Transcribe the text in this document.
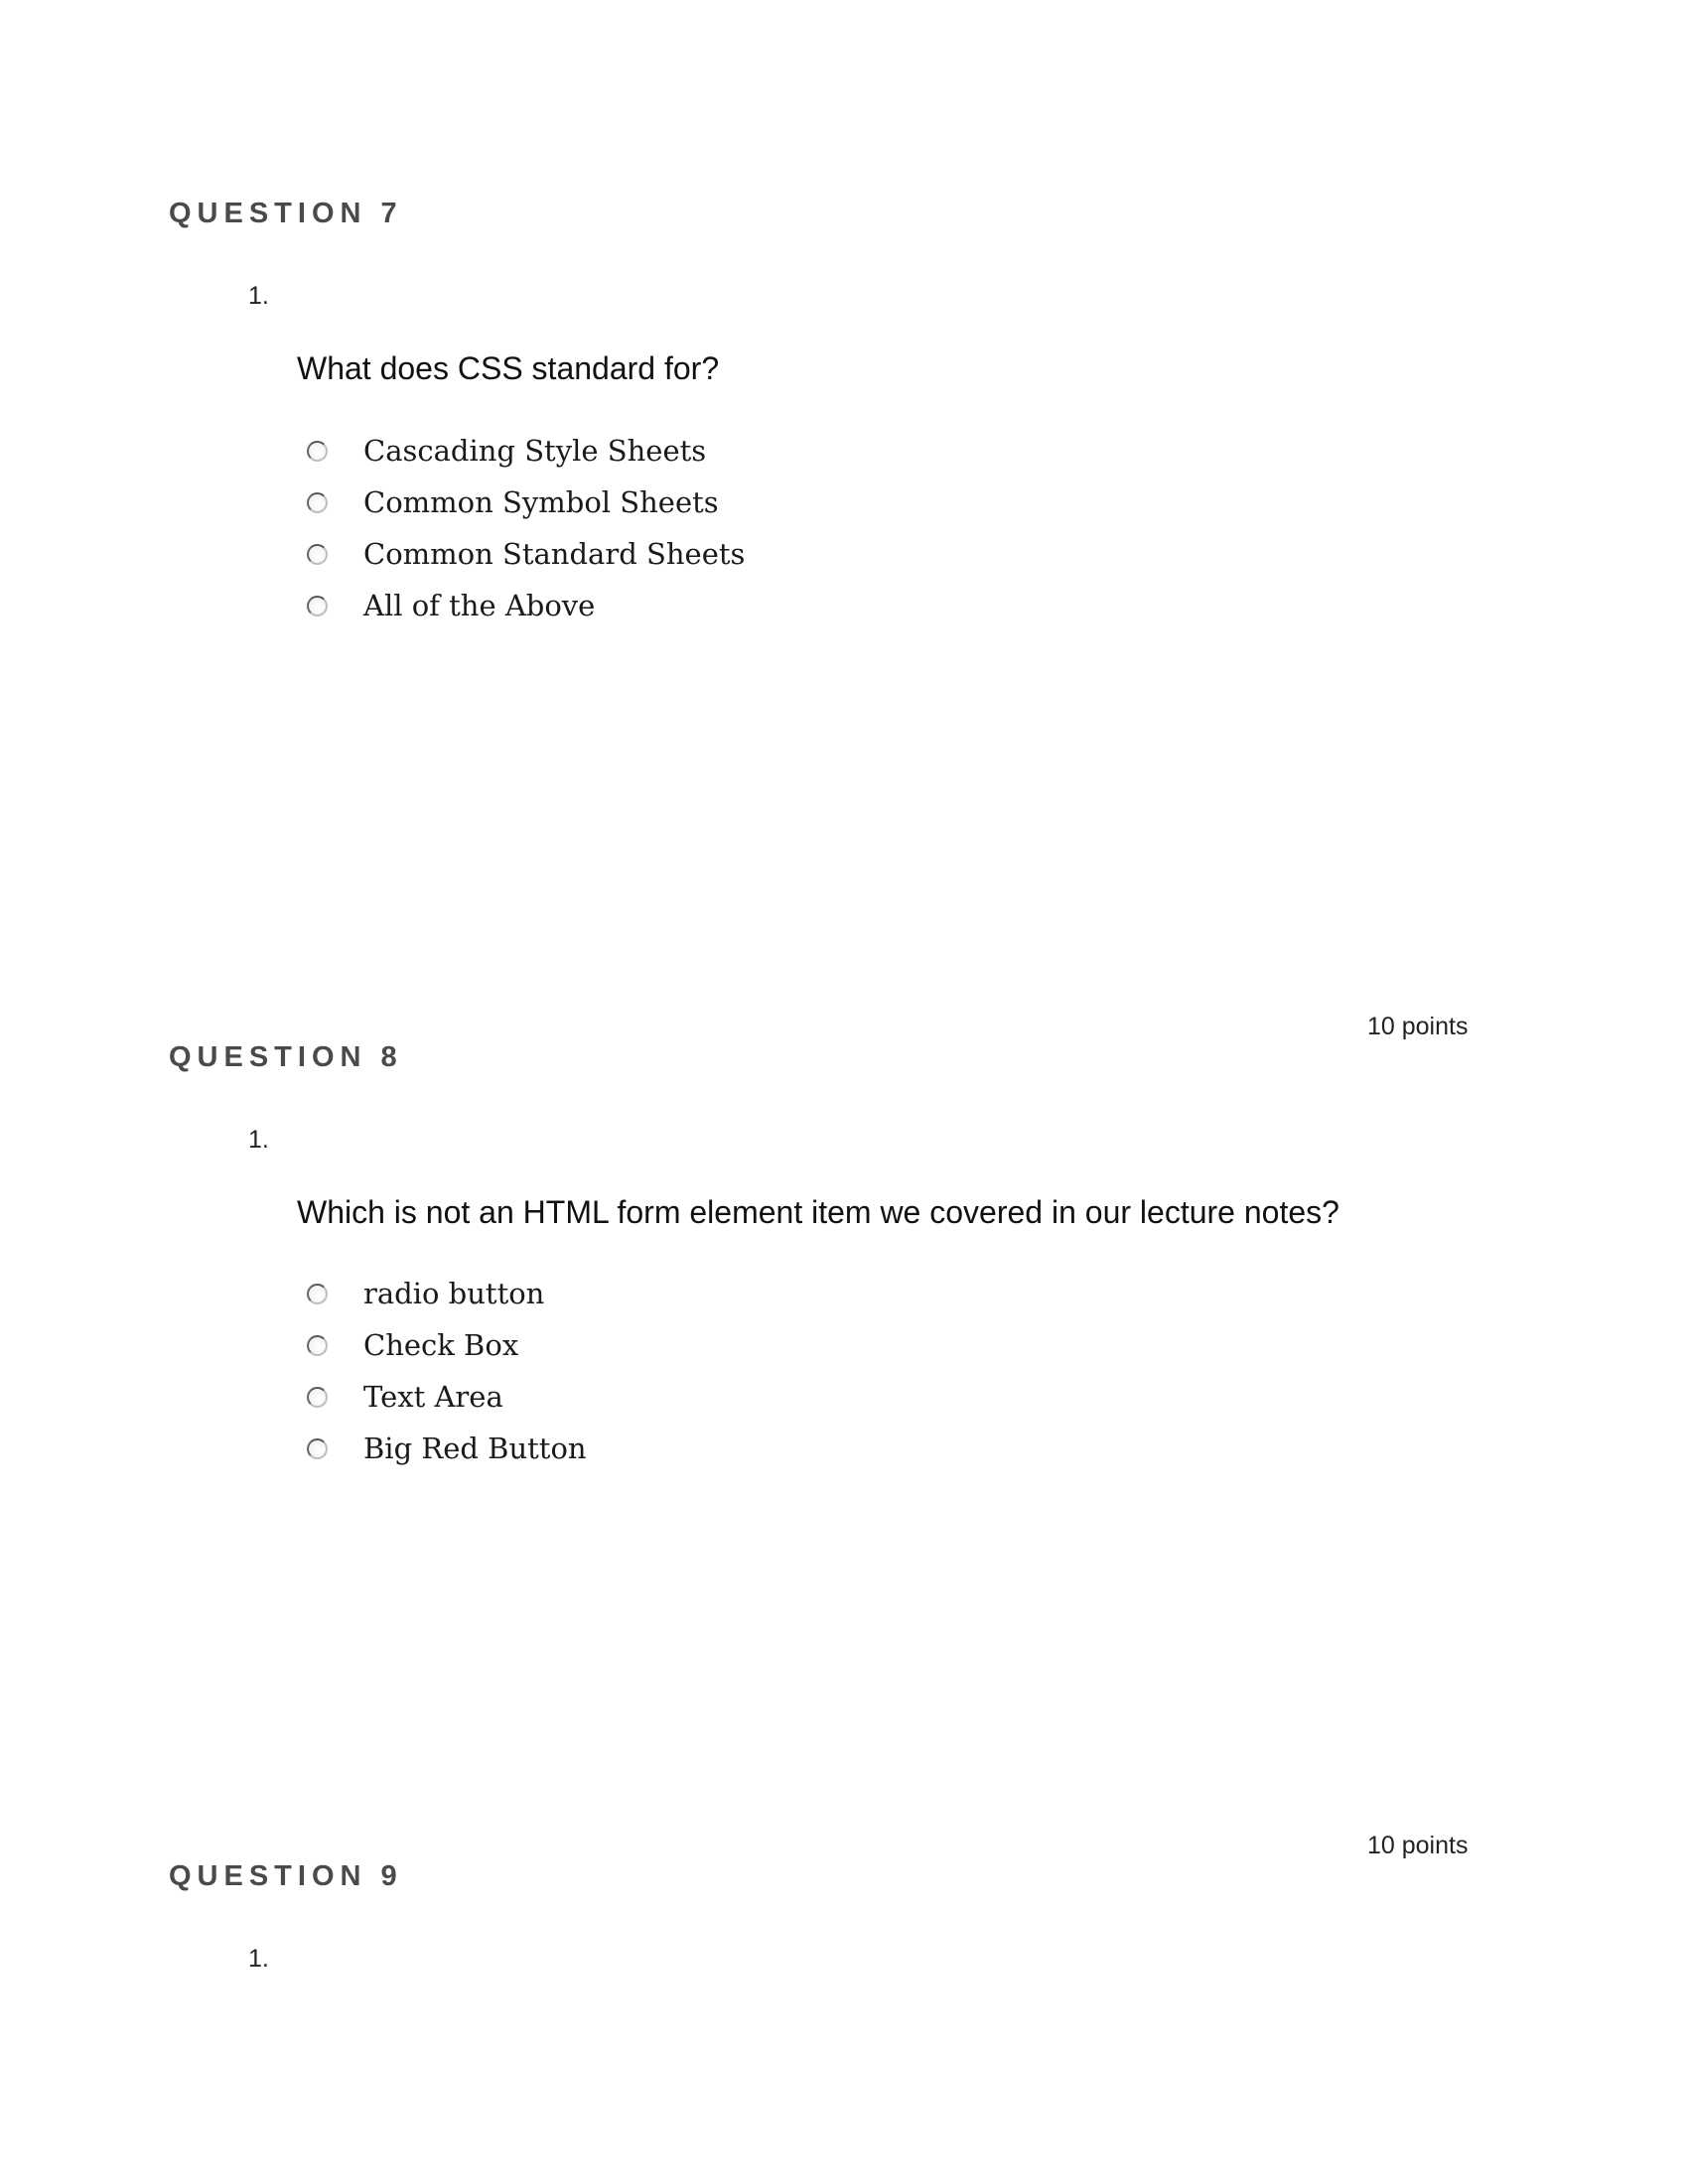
QUESTION 7
1.
What does CSS standard for?
Cascading Style Sheets
Common Symbol Sheets
Common Standard Sheets
All of the Above
10 points
QUESTION 8
1.
Which is not an HTML form element item we covered in our lecture notes?
radio button
Check Box
Text Area
Big Red Button
10 points
QUESTION 9
1.
